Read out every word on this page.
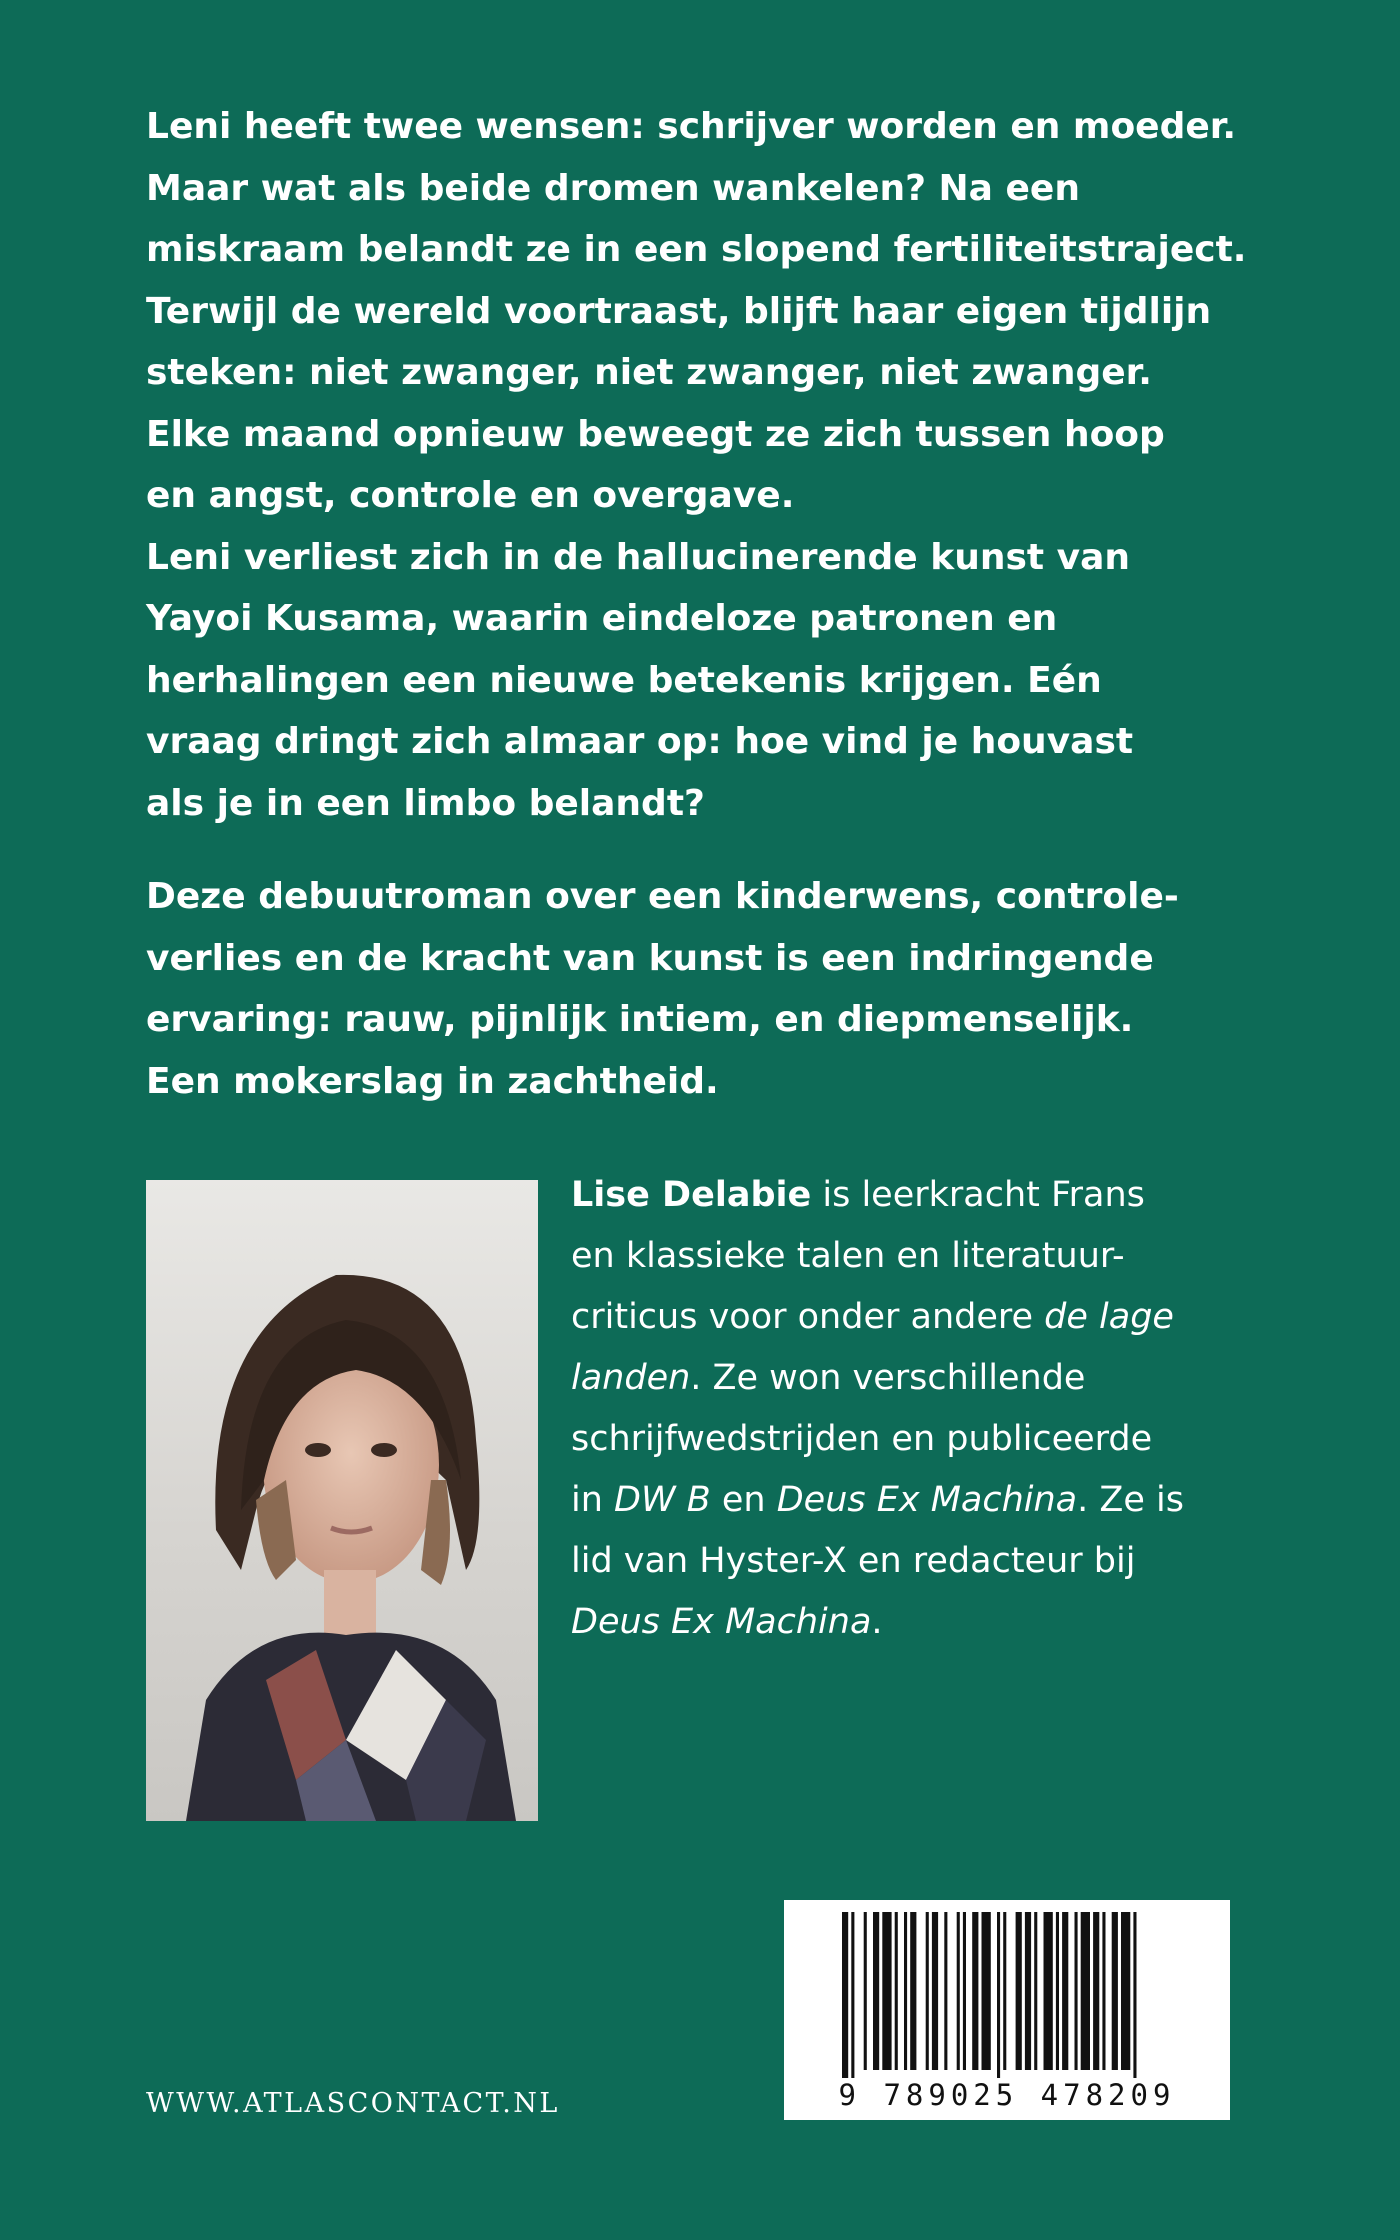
Leni heeft twee wensen: schrijver worden en moeder.
Maar wat als beide dromen wankelen? Na een
miskraam belandt ze in een slopend fertiliteitstraject.
Terwijl de wereld voortraast, blijft haar eigen tijdlijn
steken: niet zwanger, niet zwanger, niet zwanger.
Elke maand opnieuw beweegt ze zich tussen hoop
en angst, controle en overgave.
Leni verliest zich in de hallucinerende kunst van
Yayoi Kusama, waarin eindeloze patronen en
herhalingen een nieuwe betekenis krijgen. Eén
vraag dringt zich almaar op: hoe vind je houvast
als je in een limbo belandt?
Deze debuutroman over een kinderwens, controle-
verlies en de kracht van kunst is een indringende
ervaring: rauw, pijnlijk intiem, en diepmenselijk.
Een mokerslag in zachtheid.
Lise Delabie is leerkracht Frans
en klassieke talen en literatuur-
criticus voor onder andere de lage
landen. Ze won verschillende
schrijfwedstrijden en publiceerde
in DW B en Deus Ex Machina. Ze is
lid van Hyster-X en redacteur bij
Deus Ex Machina.
WWW.ATLASCONTACT.NL	9 789025 478209
